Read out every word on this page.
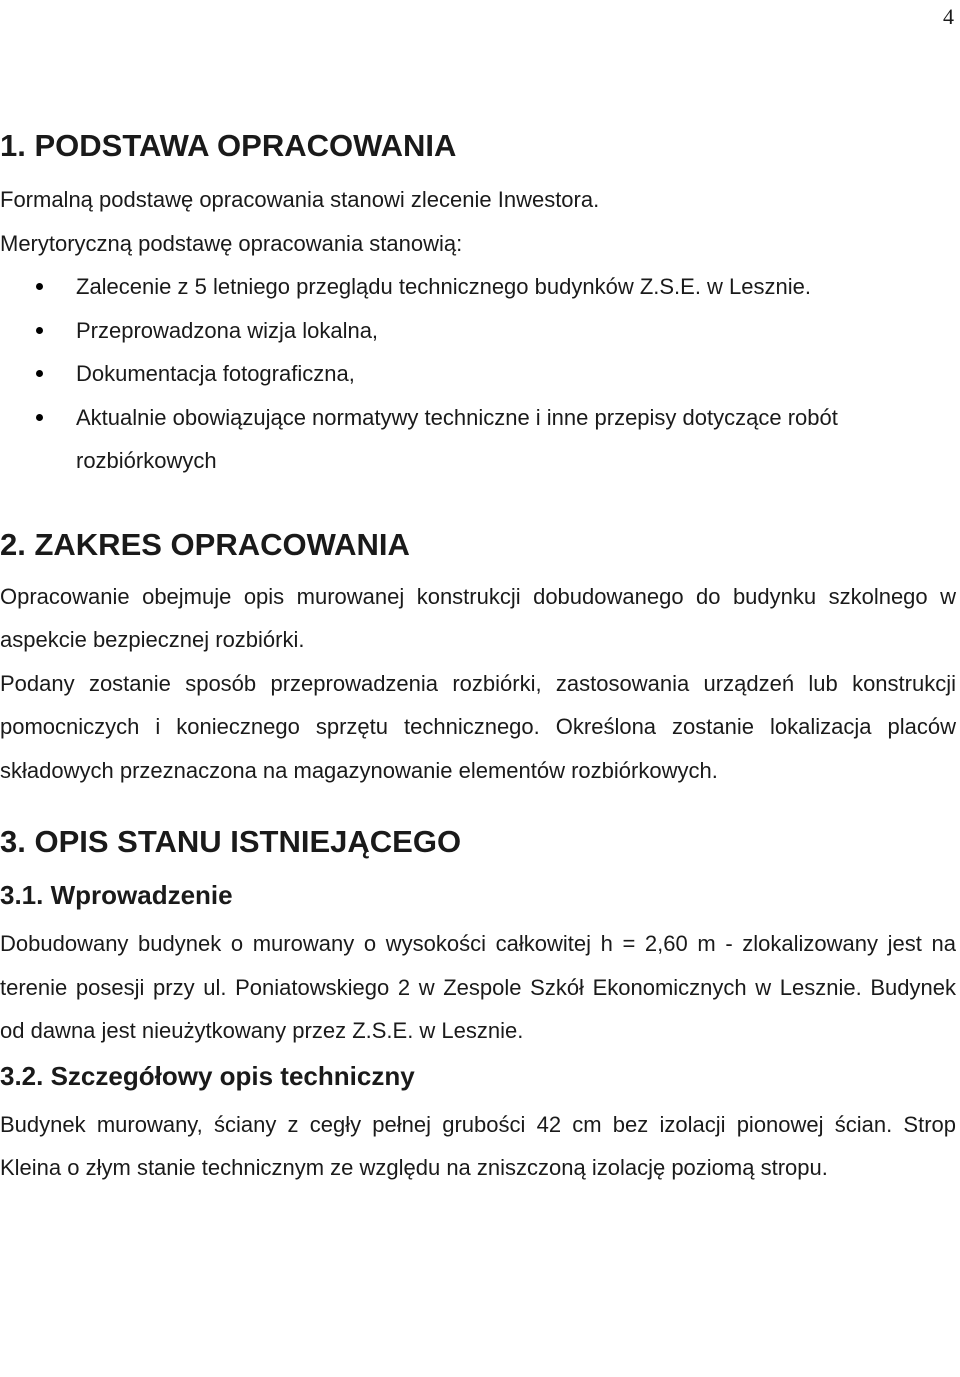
4
1. PODSTAWA OPRACOWANIA

Formalną podstawę opracowania stanowi zlecenie Inwestora.

Merytoryczną podstawę opracowania stanowią:

Zalecenie z 5 letniego przeglądu technicznego budynków Z.S.E. w Lesznie.
Przeprowadzona wizja lokalna,
Dokumentacja fotograficzna,
Aktualnie obowiązujące normatywy techniczne i inne przepisy dotyczące robót rozbiórkowych
2. ZAKRES OPRACOWANIA

Opracowanie obejmuje opis murowanej konstrukcji dobudowanego do budynku szkolnego w aspekcie bezpiecznej rozbiórki.

Podany zostanie sposób przeprowadzenia rozbiórki, zastosowania urządzeń lub konstrukcji pomocniczych i koniecznego sprzętu technicznego. Określona zostanie lokalizacja placów składowych przeznaczona na magazynowanie elementów rozbiórkowych.

3. OPIS STANU ISTNIEJĄCEGO
3.1. Wprowadzenie

Dobudowany budynek o murowany o wysokości całkowitej h = 2,60 m - zlokalizowany jest na terenie posesji przy ul. Poniatowskiego 2 w Zespole Szkół Ekonomicznych w Lesznie. Budynek od dawna jest nieużytkowany przez Z.S.E. w Lesznie.

3.2. Szczegółowy opis techniczny

Budynek murowany, ściany z cegły pełnej grubości 42 cm bez izolacji pionowej ścian. Strop Kleina o złym stanie technicznym ze względu na zniszczoną izolację poziomą stropu.
